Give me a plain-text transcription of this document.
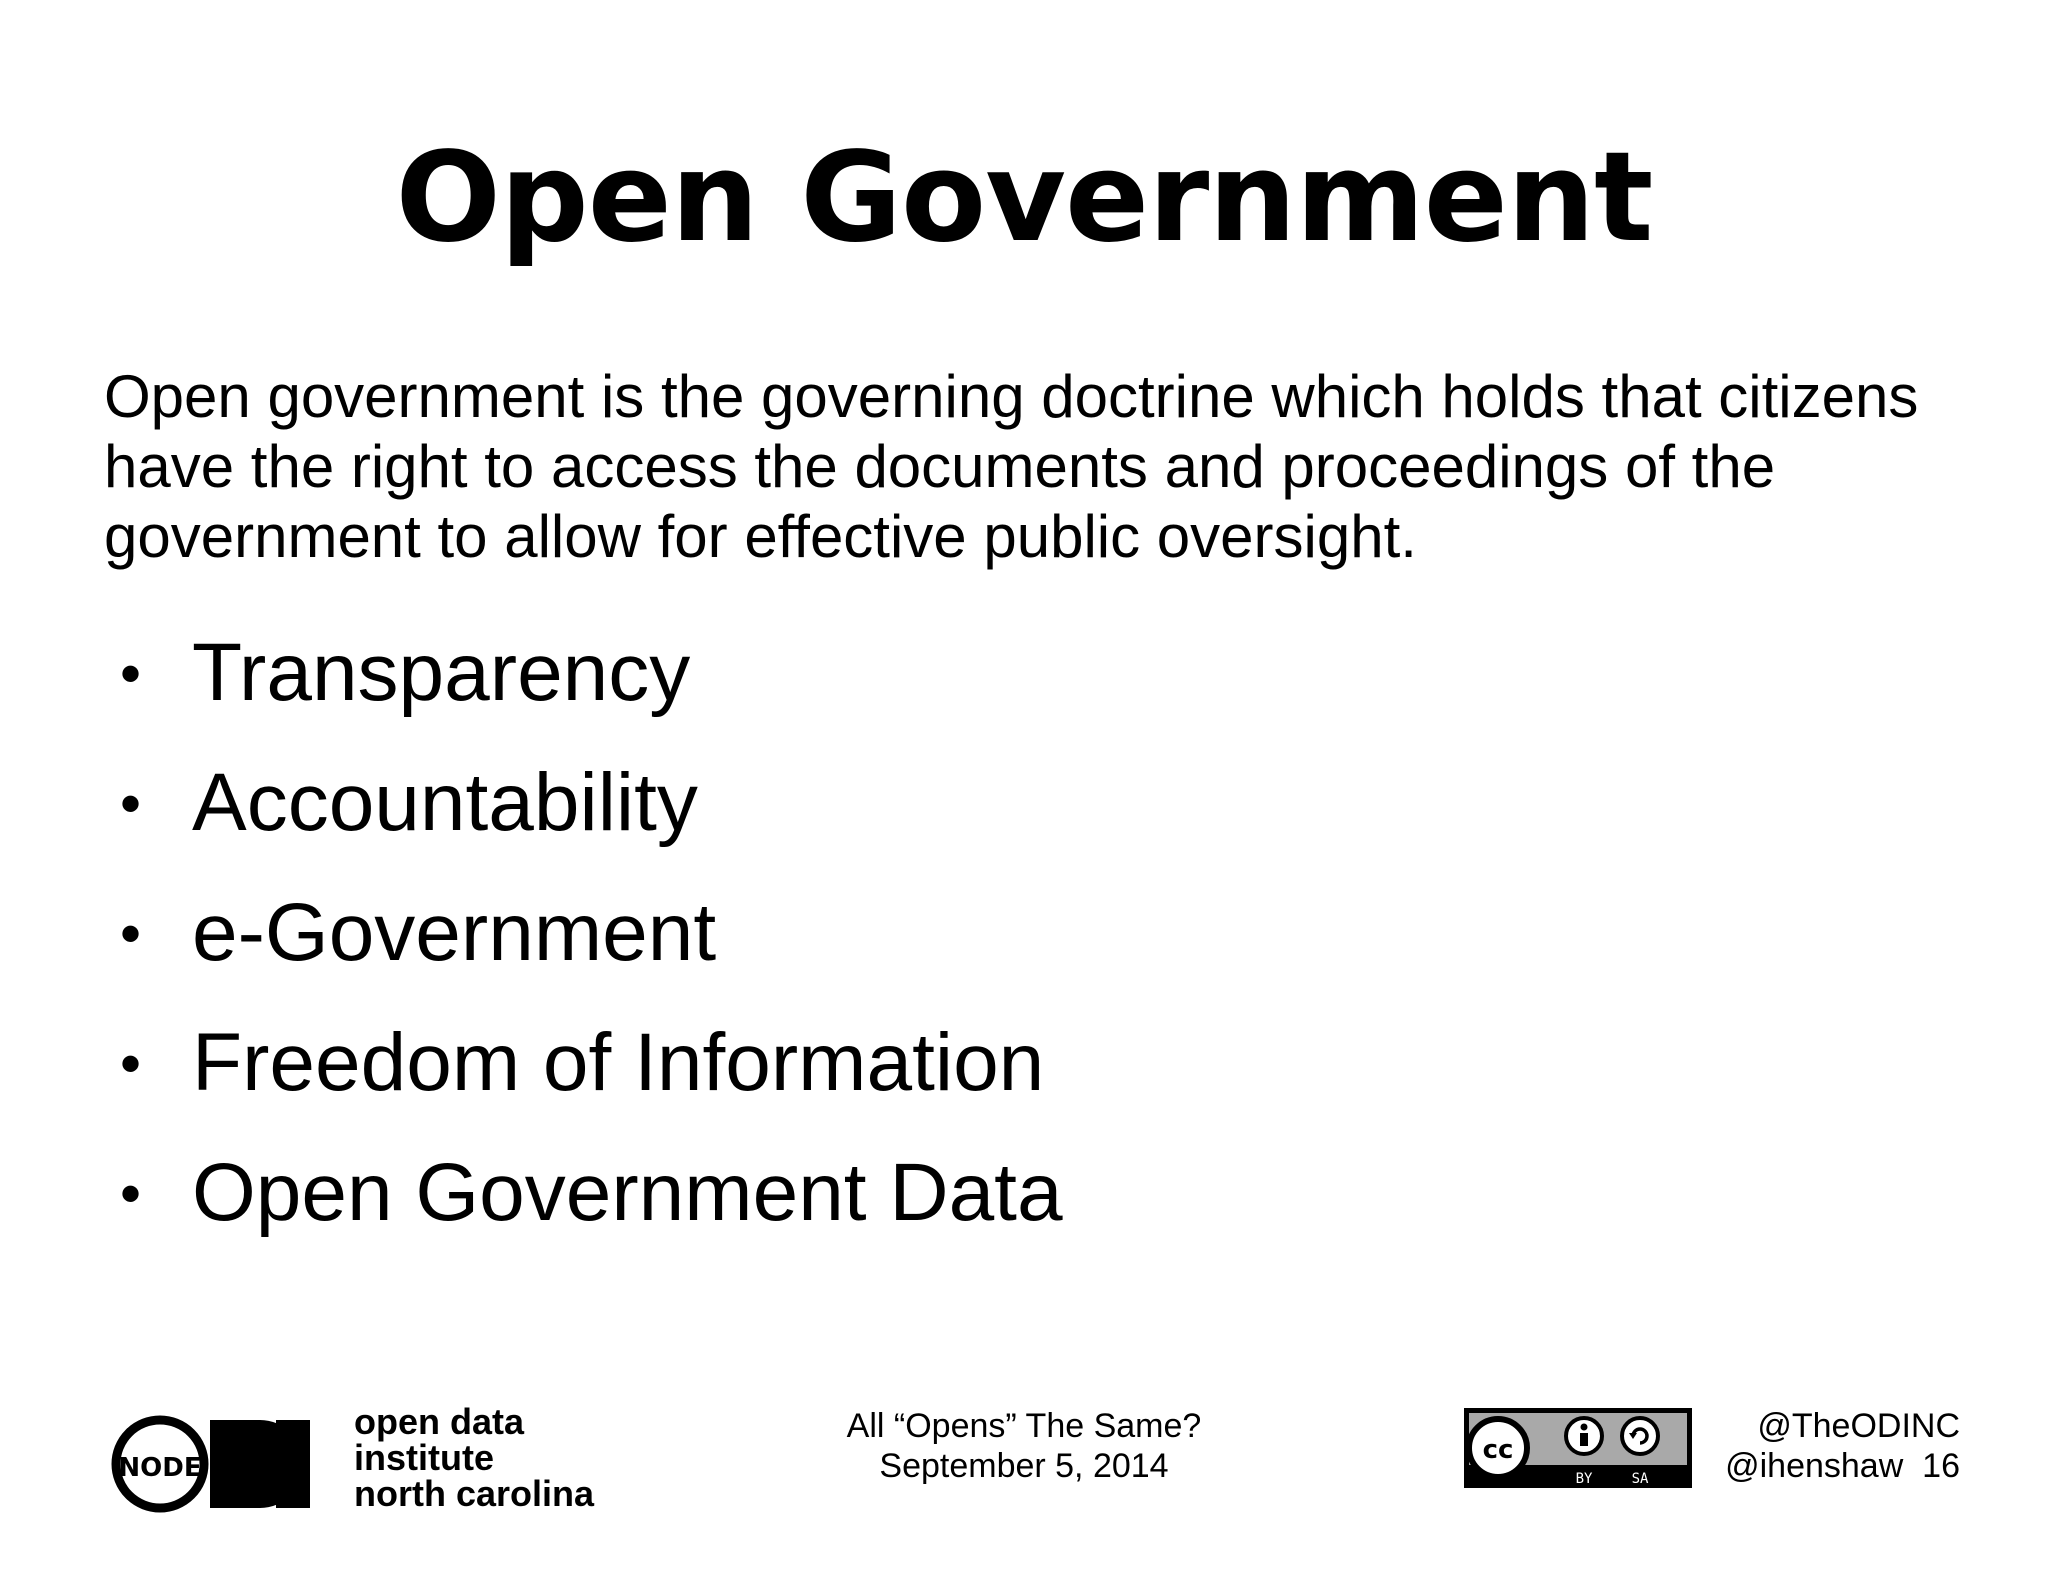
Open Government
Open government is the governing doctrine which holds that citizens have the right to access the documents and proceedings of the government to allow for effective public oversight.
• Transparency
• Accountability
• e-Government
• Freedom of Information
• Open Government Data
NODE
open data
institute
north carolina
All “Opens” The Same?
September 5, 2014	cc
BY	SA
@TheODINC
@ihenshaw 16
